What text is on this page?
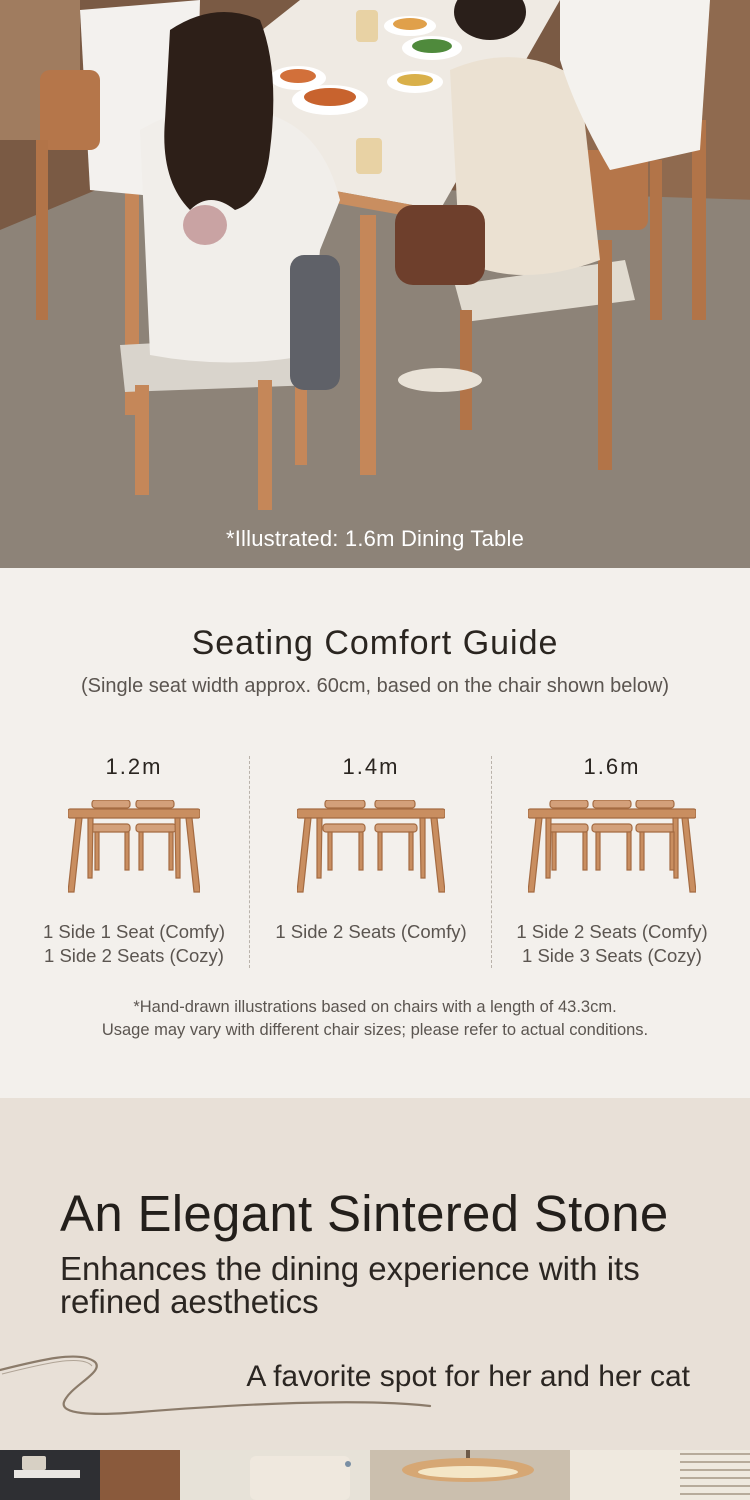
*Illustrated: 1.6m Dining Table
Seating Comfort Guide
(Single seat width approx. 60cm, based on the chair shown below)
1.2m
1 Side 1 Seat (Comfy)
1 Side 2 Seats (Cozy)
1.4m
1 Side 2 Seats (Comfy)
1.6m
1 Side 2 Seats (Comfy)
1 Side 3 Seats (Cozy)
*Hand-drawn illustrations based on chairs with a length of 43.3cm.
Usage may vary with different chair sizes; please refer to actual conditions.
An Elegant Sintered Stone
Enhances the dining experience with its refined aesthetics
A favorite spot for her and her cat
